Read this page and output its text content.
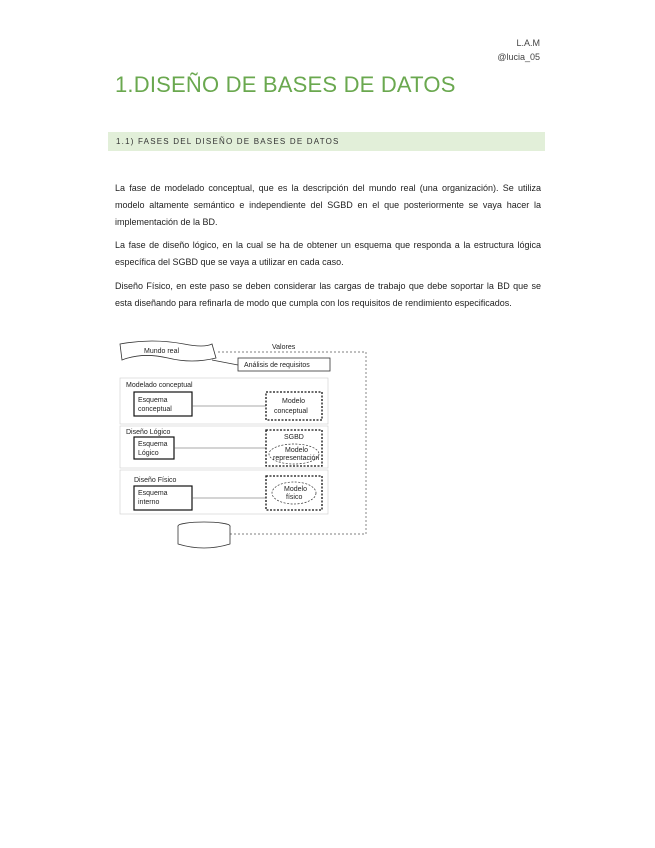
L.A.M
@lucia_05
1.DISEÑO DE BASES DE DATOS
1.1) FASES DEL DISEÑO DE BASES DE DATOS

La fase de modelado conceptual, que es la descripción del mundo real (una organización). Se utiliza modelo altamente semántico e independiente del SGBD en el que posteriormente se vaya hacer la implementación de la BD.

La fase de diseño lógico, en la cual se ha de obtener un esquema que responda a la estructura lógica específica del SGBD que se vaya a utilizar en cada caso.

Diseño Físico, en este paso se deben considerar las cargas de trabajo que debe soportar la BD que se esta diseñando para refinarla de modo que cumpla con los requisitos de rendimiento especificados.

Mundo real
Valores
Análisis de requisitos
Modelado conceptual
Esquema
conceptual
Modelo
conceptual
Diseño Lógico
Esquema
Lógico
SGBD
Modelo
representación
Diseño Físico
Esquema
interno
Modelo
físico
